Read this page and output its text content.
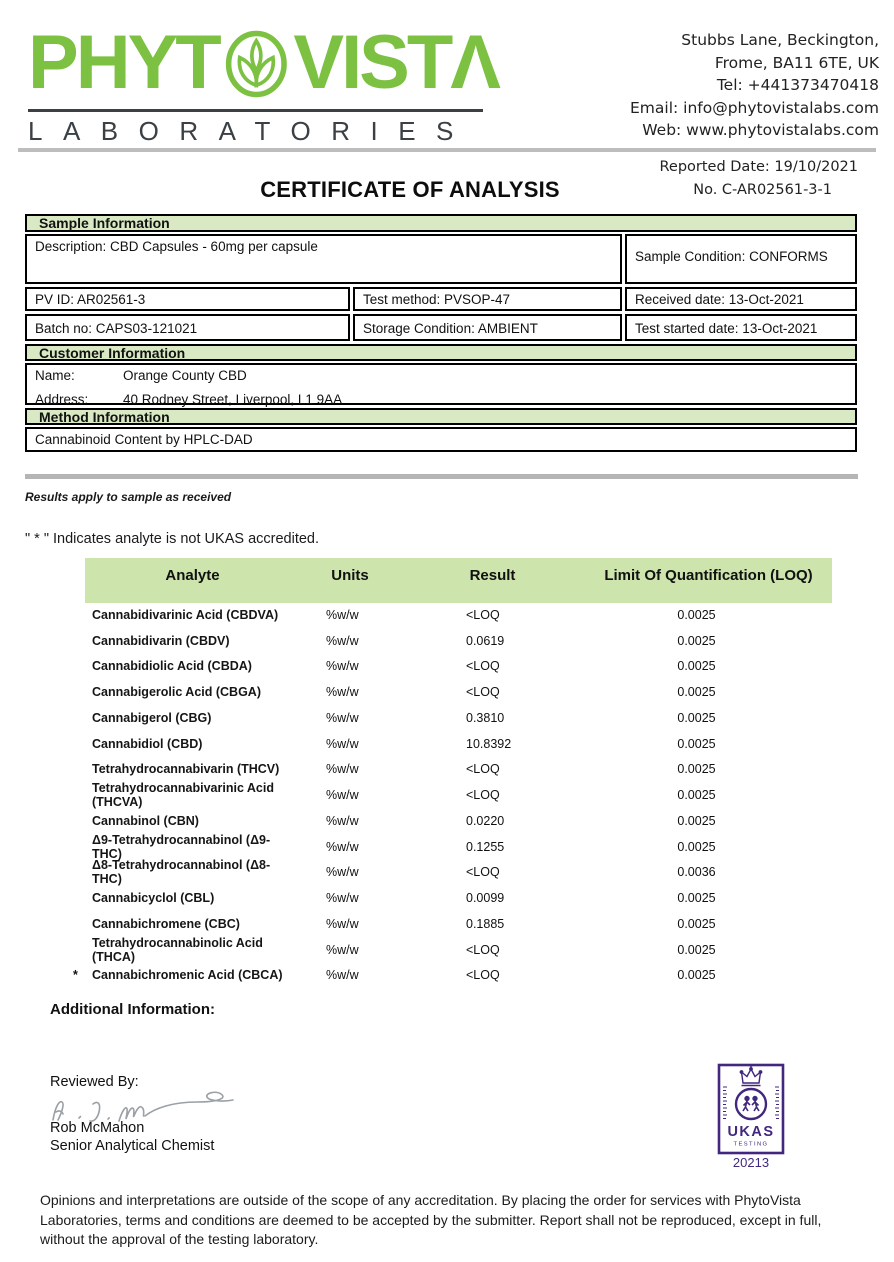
PHYT VISTΛ
LABORATORIES
Stubbs Lane, Beckington,
Frome, BA11 6TE, UK
Tel: +441373470418
Email: info@phytovistalabs.com
Web: www.phytovistalabs.com
Reported Date: 19/10/2021
No. C-AR02561-3-1
CERTIFICATE OF ANALYSIS
Sample Information
Description: CBD Capsules - 60mg per capsule
Sample Condition: CONFORMS
PV ID: AR02561-3	Test method: PVSOP-47	Received date: 13-Oct-2021
Batch no: CAPS03-121021	Storage Condition: AMBIENT	Test started date: 13-Oct-2021
Customer Information
Name:	Orange County CBD
Address:	40 Rodney Street, Liverpool, L1 9AA
Method Information
Cannabinoid Content by HPLC-DAD
Results apply to sample as received
" * " Indicates analyte is not UKAS accredited.
Analyte	Units	Result	Limit Of Quantification (LOQ)
Cannabidivarinic Acid (CBDVA)	%w/w	<LOQ	0.0025
Cannabidivarin (CBDV)	%w/w	0.0619	0.0025
Cannabidiolic Acid (CBDA)	%w/w	<LOQ	0.0025
Cannabigerolic Acid (CBGA)	%w/w	<LOQ	0.0025
Cannabigerol (CBG)	%w/w	0.3810	0.0025
Cannabidiol (CBD)	%w/w	10.8392	0.0025
Tetrahydrocannabivarin (THCV)	%w/w	<LOQ	0.0025
Tetrahydrocannabivarinic Acid (THCVA)	%w/w	<LOQ	0.0025
Cannabinol (CBN)	%w/w	0.0220	0.0025
Δ9-Tetrahydrocannabinol (Δ9-THC)	%w/w	0.1255	0.0025
Δ8-Tetrahydrocannabinol (Δ8-THC)	%w/w	<LOQ	0.0036
Cannabicyclol (CBL)	%w/w	0.0099	0.0025
Cannabichromene (CBC)	%w/w	0.1885	0.0025
Tetrahydrocannabinolic Acid (THCA)	%w/w	<LOQ	0.0025
*	Cannabichromenic Acid (CBCA)	%w/w	<LOQ	0.0025
Additional Information:
Reviewed By:
Rob McMahon
Senior Analytical Chemist
UKAS
TESTING
20213
Opinions and interpretations are outside of the scope of any accreditation. By placing the order for services with PhytoVista Laboratories, terms and conditions are deemed to be accepted by the submitter. Report shall not be reproduced, except in full, without the approval of the testing laboratory.
